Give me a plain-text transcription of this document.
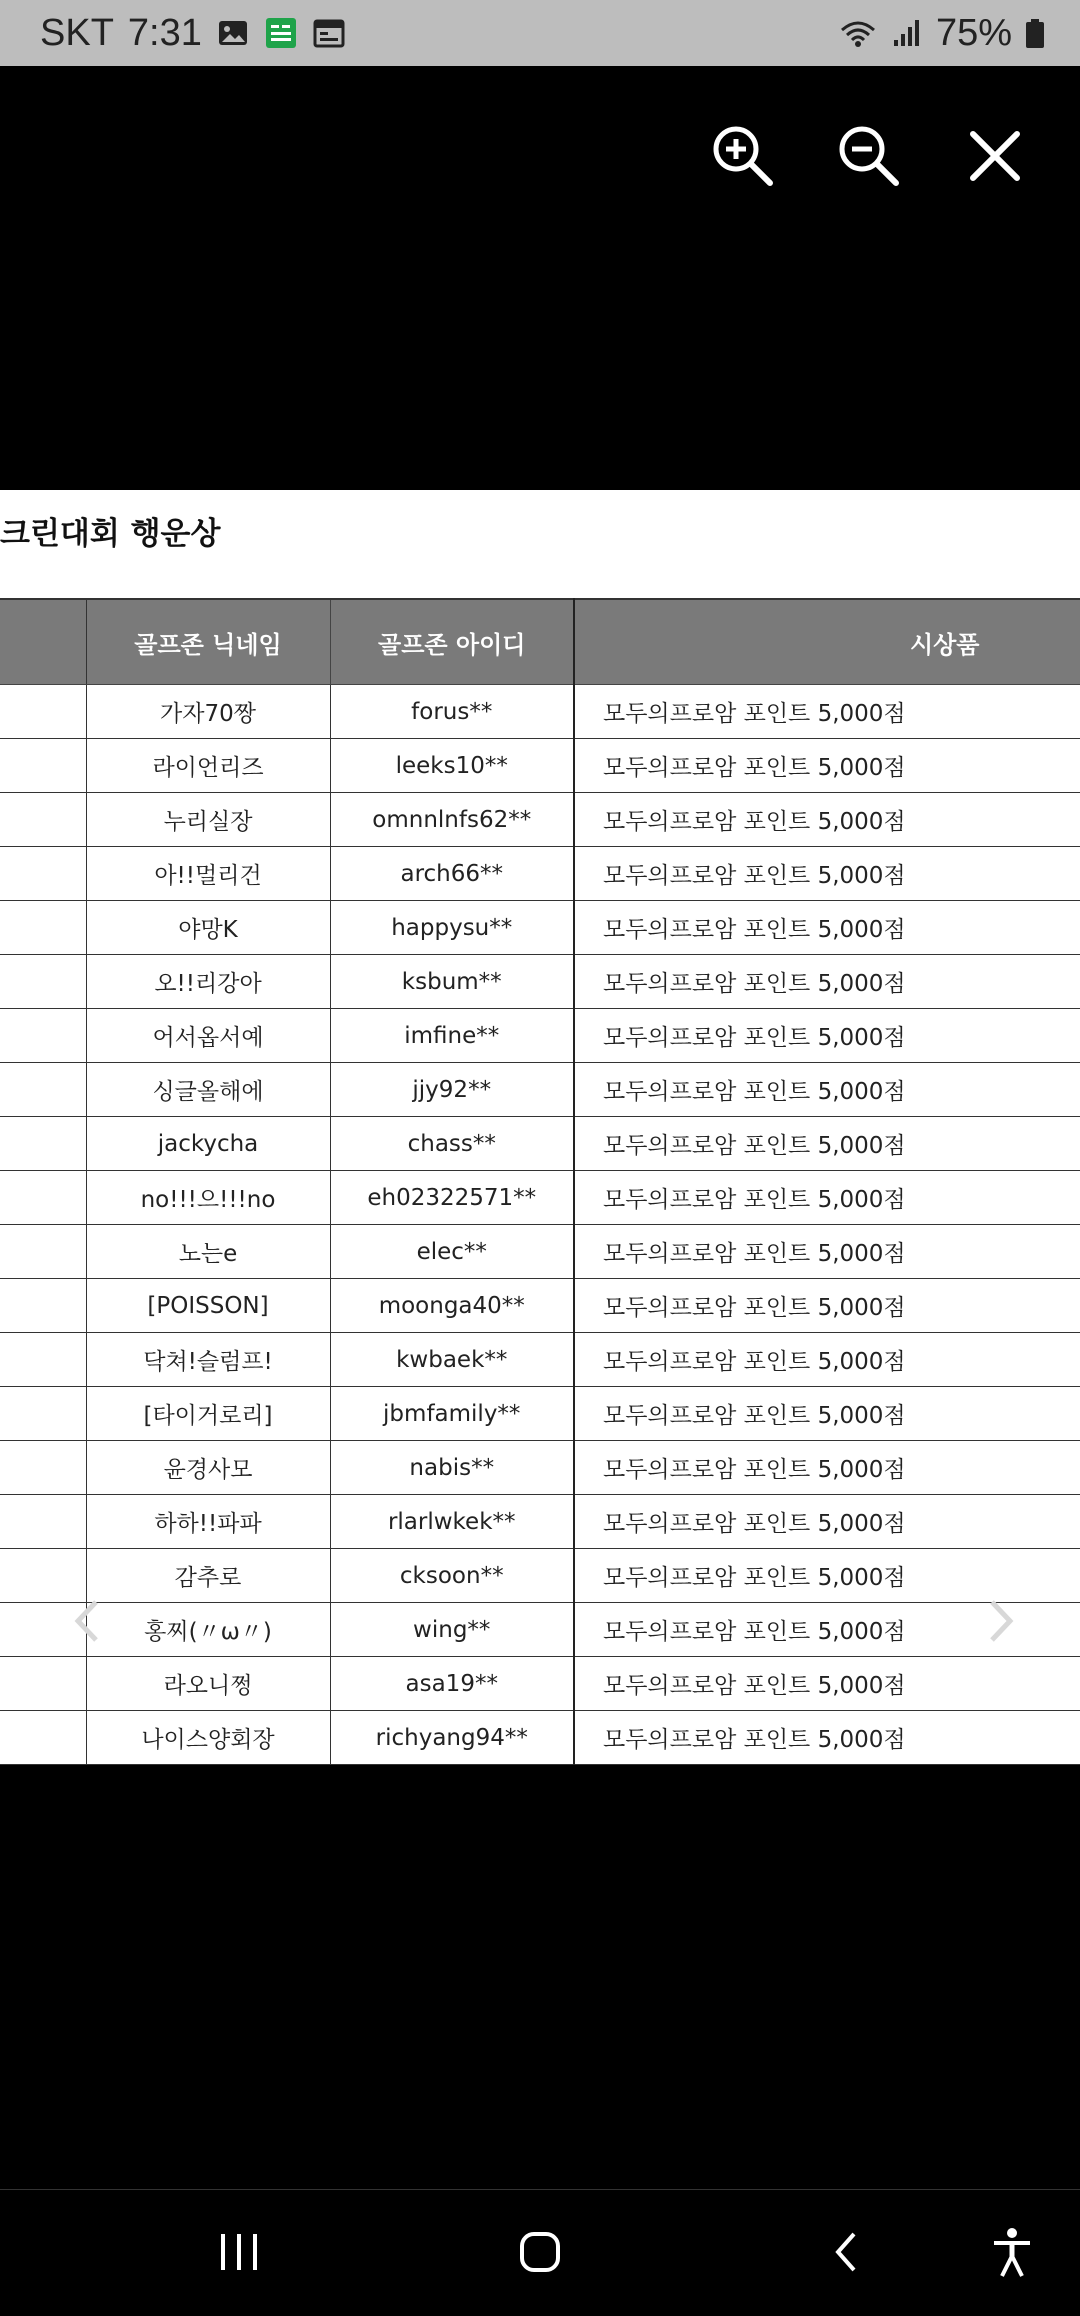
SKT 7:31	75%
크린대회 행운상
	골프존 닉네임	골프존 아이디	시상품
	가자70짱	forus**	모두의프로암 포인트 5,000점
	라이언리즈	leeks10**	모두의프로암 포인트 5,000점
	누리실장	omnnlnfs62**	모두의프로암 포인트 5,000점
	아!!멀리건	arch66**	모두의프로암 포인트 5,000점
	야망K	happysu**	모두의프로암 포인트 5,000점
	오!!리강아	ksbum**	모두의프로암 포인트 5,000점
	어서옵서예	imfine**	모두의프로암 포인트 5,000점
	싱글올해에	jjy92**	모두의프로암 포인트 5,000점
	jackycha	chass**	모두의프로암 포인트 5,000점
	no!!!으!!!no	eh02322571**	모두의프로암 포인트 5,000점
	노는e	elec**	모두의프로암 포인트 5,000점
	[POISSON]	moonga40**	모두의프로암 포인트 5,000점
	닥쳐!슬럼프!	kwbaek**	모두의프로암 포인트 5,000점
	[타이거로리]	jbmfamily**	모두의프로암 포인트 5,000점
	윤경사모	nabis**	모두의프로암 포인트 5,000점
	하하!!파파	rlarlwkek**	모두의프로암 포인트 5,000점
	감추로	cksoon**	모두의프로암 포인트 5,000점
	홍찌(〃ω〃)	wing**	모두의프로암 포인트 5,000점
	라오니쩡	asa19**	모두의프로암 포인트 5,000점
	나이스양회장	richyang94**	모두의프로암 포인트 5,000점
